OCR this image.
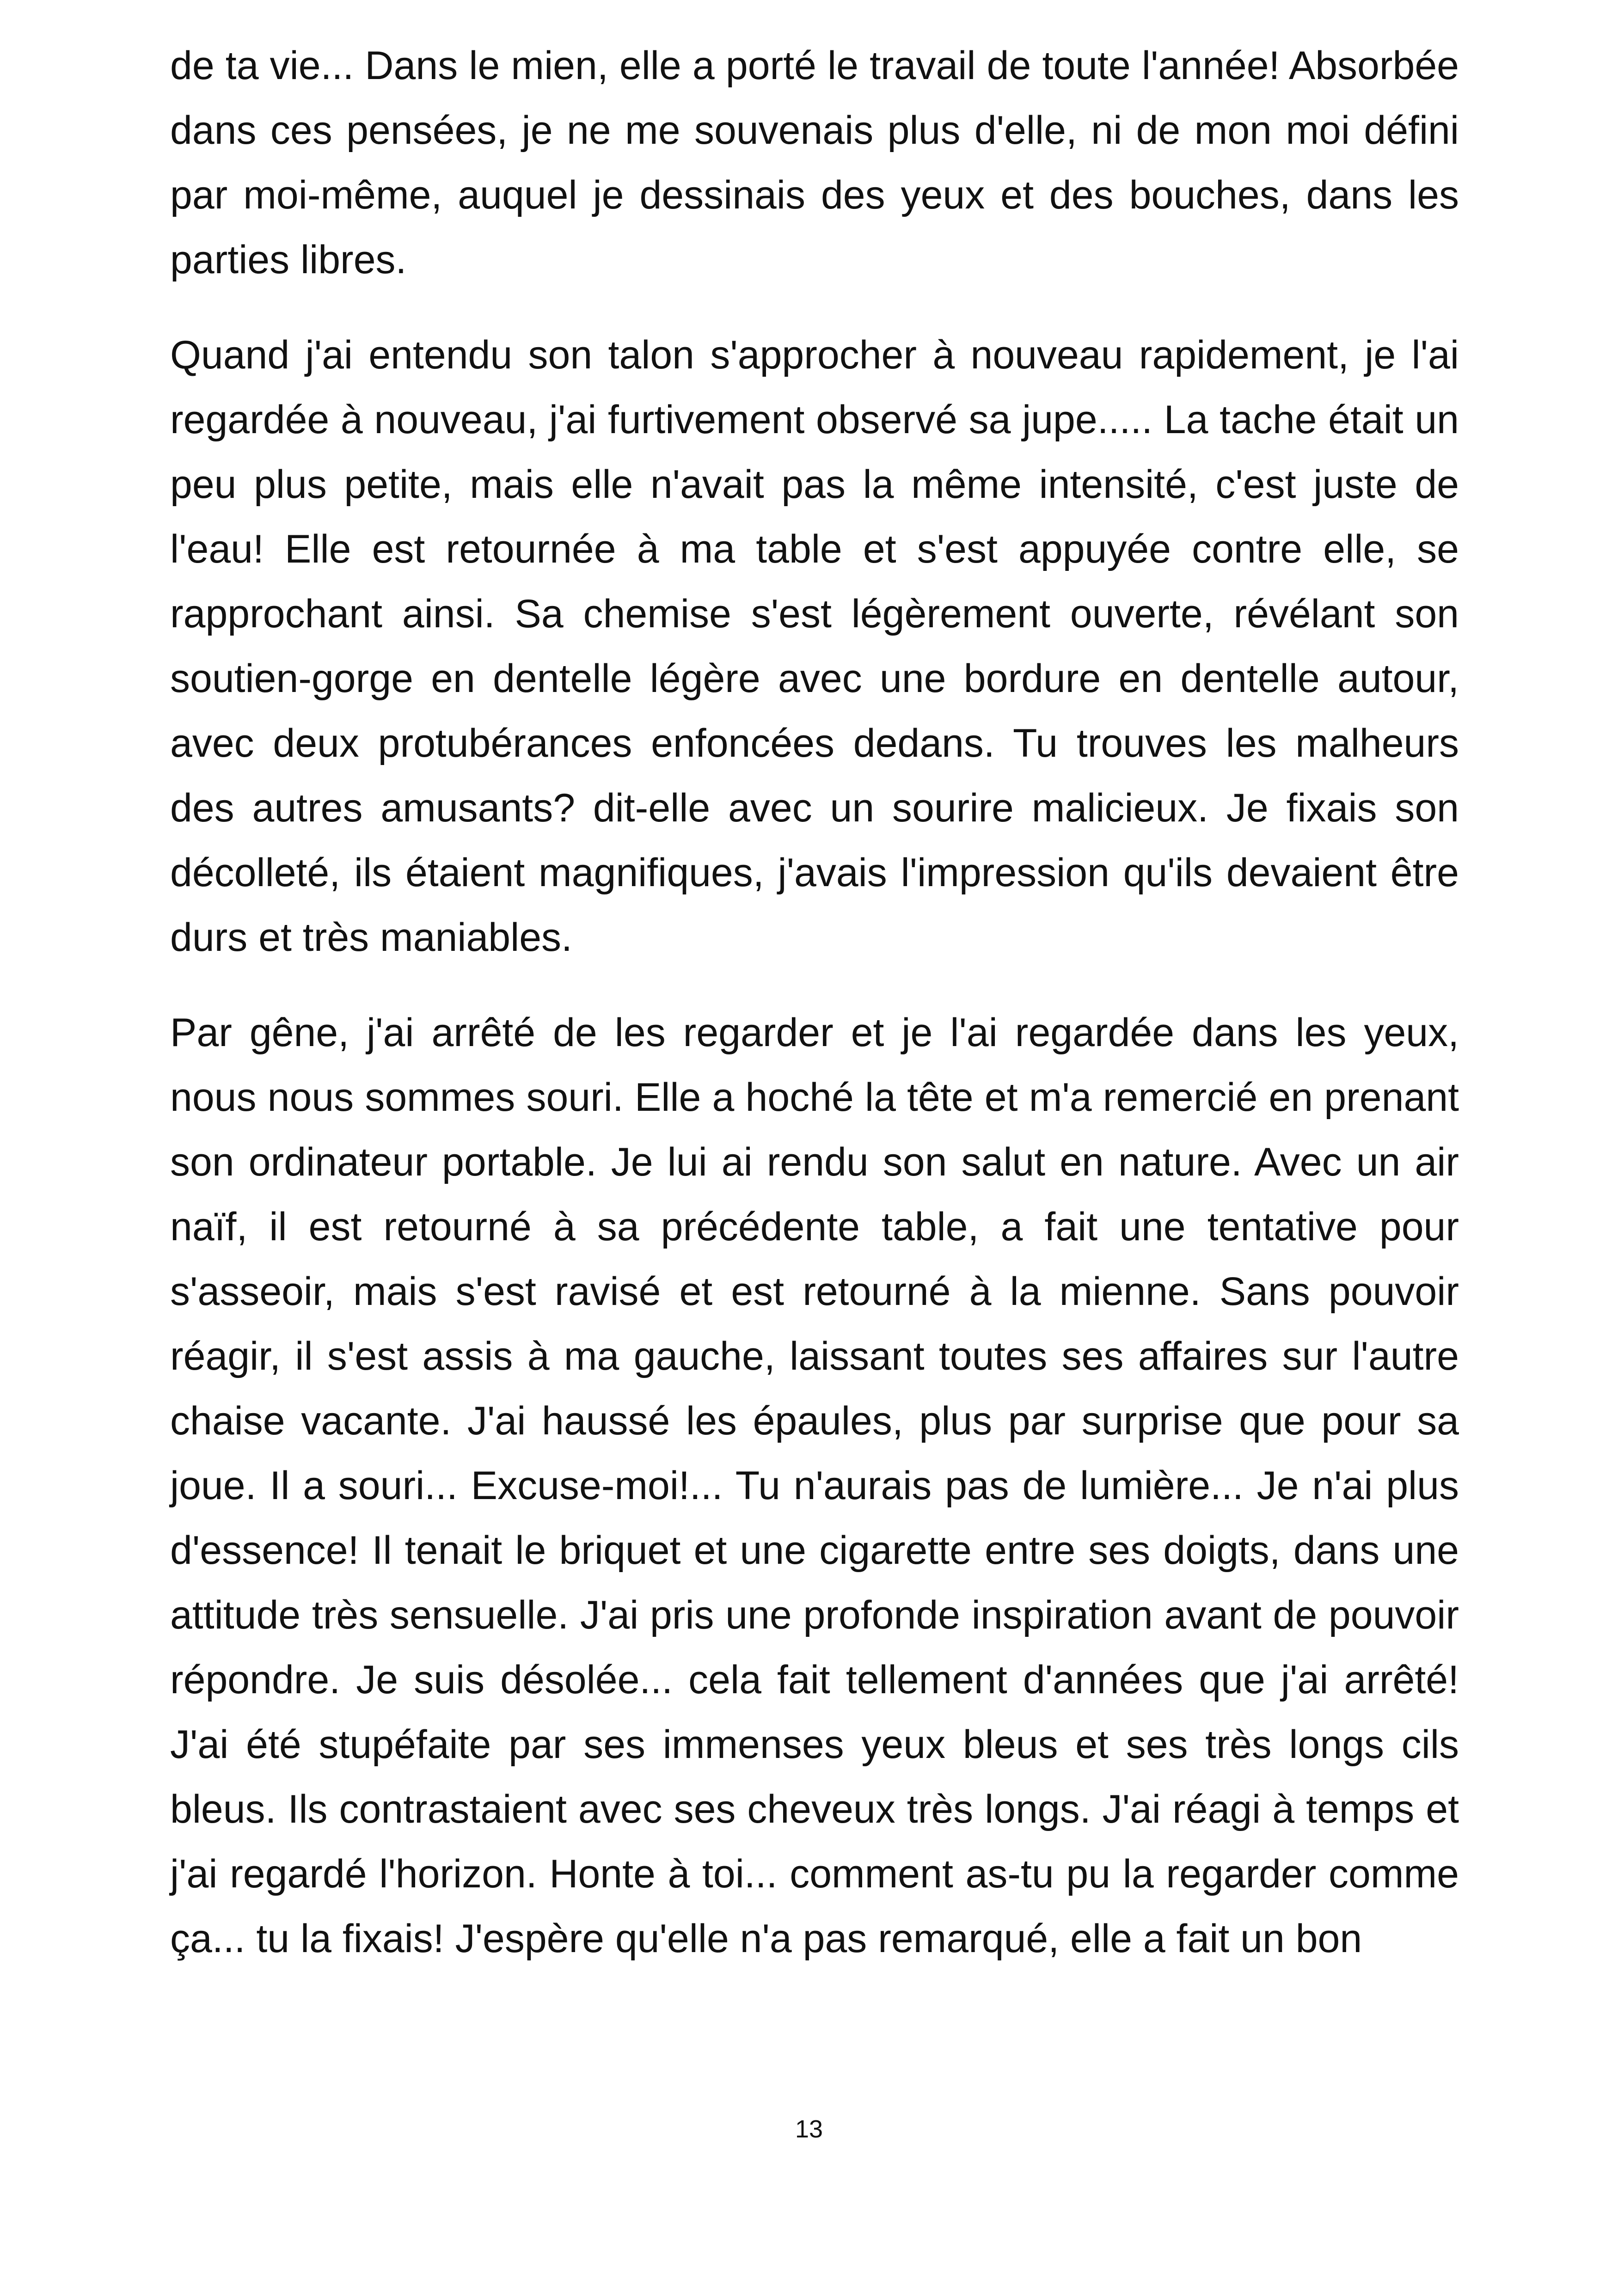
de ta vie... Dans le mien, elle a porté le travail de toute l'année! Absorbée dans ces pensées, je ne me souvenais plus d'elle, ni de mon moi défini par moi-même, auquel je dessinais des yeux et des bouches, dans les parties libres.

Quand j'ai entendu son talon s'approcher à nouveau rapidement, je l'ai regardée à nouveau, j'ai furtivement observé sa jupe..... La tache était un peu plus petite, mais elle n'avait pas la même intensité, c'est juste de l'eau! Elle est retournée à ma table et s'est appuyée contre elle, se rapprochant ainsi. Sa chemise s'est légèrement ouverte, révélant son soutien-gorge en dentelle légère avec une bordure en dentelle autour, avec deux protubérances enfoncées dedans. Tu trouves les malheurs des autres amusants? dit-elle avec un sourire malicieux. Je fixais son décolleté, ils étaient magnifiques, j'avais l'impression qu'ils devaient être durs et très maniables.

Par gêne, j'ai arrêté de les regarder et je l'ai regardée dans les yeux, nous nous sommes souri. Elle a hoché la tête et m'a remercié en prenant son ordinateur portable. Je lui ai rendu son salut en nature. Avec un air naïf, il est retourné à sa précédente table, a fait une tentative pour s'asseoir, mais s'est ravisé et est retourné à la mienne. Sans pouvoir réagir, il s'est assis à ma gauche, laissant toutes ses affaires sur l'autre chaise vacante. J'ai haussé les épaules, plus par surprise que pour sa joue. Il a souri... Excuse-moi!... Tu n'aurais pas de lumière... Je n'ai plus d'essence! Il tenait le briquet et une cigarette entre ses doigts, dans une attitude très sensuelle. J'ai pris une profonde inspiration avant de pouvoir répondre. Je suis désolée... cela fait tellement d'années que j'ai arrêté! J'ai été stupéfaite par ses immenses yeux bleus et ses très longs cils bleus. Ils contrastaient avec ses cheveux très longs. J'ai réagi à temps et j'ai regardé l'horizon. Honte à toi... comment as-tu pu la regarder comme ça... tu la fixais! J'espère qu'elle n'a pas remarqué, elle a fait un bon

13
